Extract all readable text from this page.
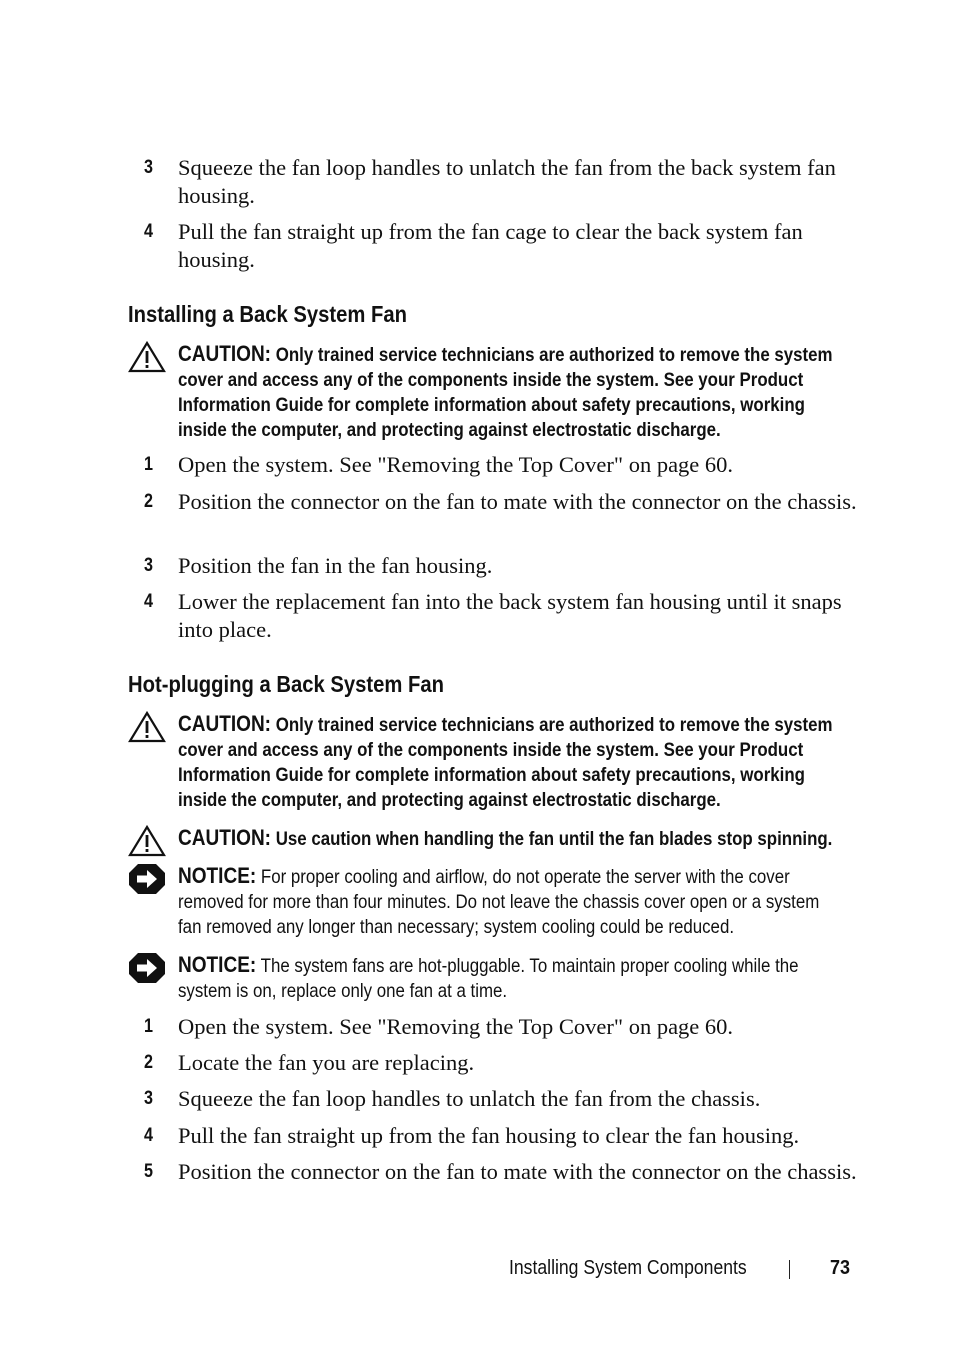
3 Squeeze the fan loop handles to unlatch the fan from the back system fan housing.
4 Pull the fan straight up from the fan cage to clear the back system fan housing.
Installing a Back System Fan
CAUTION: Only trained service technicians are authorized to remove the system cover and access any of the components inside the system. See your Product Information Guide for complete information about safety precautions, working inside the computer, and protecting against electrostatic discharge.
1 Open the system. See "Removing the Top Cover" on page 60.
2 Position the connector on the fan to mate with the connector on the chassis.
3 Position the fan in the fan housing.
4 Lower the replacement fan into the back system fan housing until it snaps into place.
Hot-plugging a Back System Fan
CAUTION: Only trained service technicians are authorized to remove the system cover and access any of the components inside the system. See your Product Information Guide for complete information about safety precautions, working inside the computer, and protecting against electrostatic discharge.
CAUTION: Use caution when handling the fan until the fan blades stop spinning.
NOTICE: For proper cooling and airflow, do not operate the server with the cover removed for more than four minutes. Do not leave the chassis cover open or a system fan removed any longer than necessary; system cooling could be reduced.
NOTICE: The system fans are hot-pluggable. To maintain proper cooling while the system is on, replace only one fan at a time.
1 Open the system. See "Removing the Top Cover" on page 60.
2 Locate the fan you are replacing.
3 Squeeze the fan loop handles to unlatch the fan from the chassis.
4 Pull the fan straight up from the fan housing to clear the fan housing.
5 Position the connector on the fan to mate with the connector on the chassis.
Installing System Components	73
